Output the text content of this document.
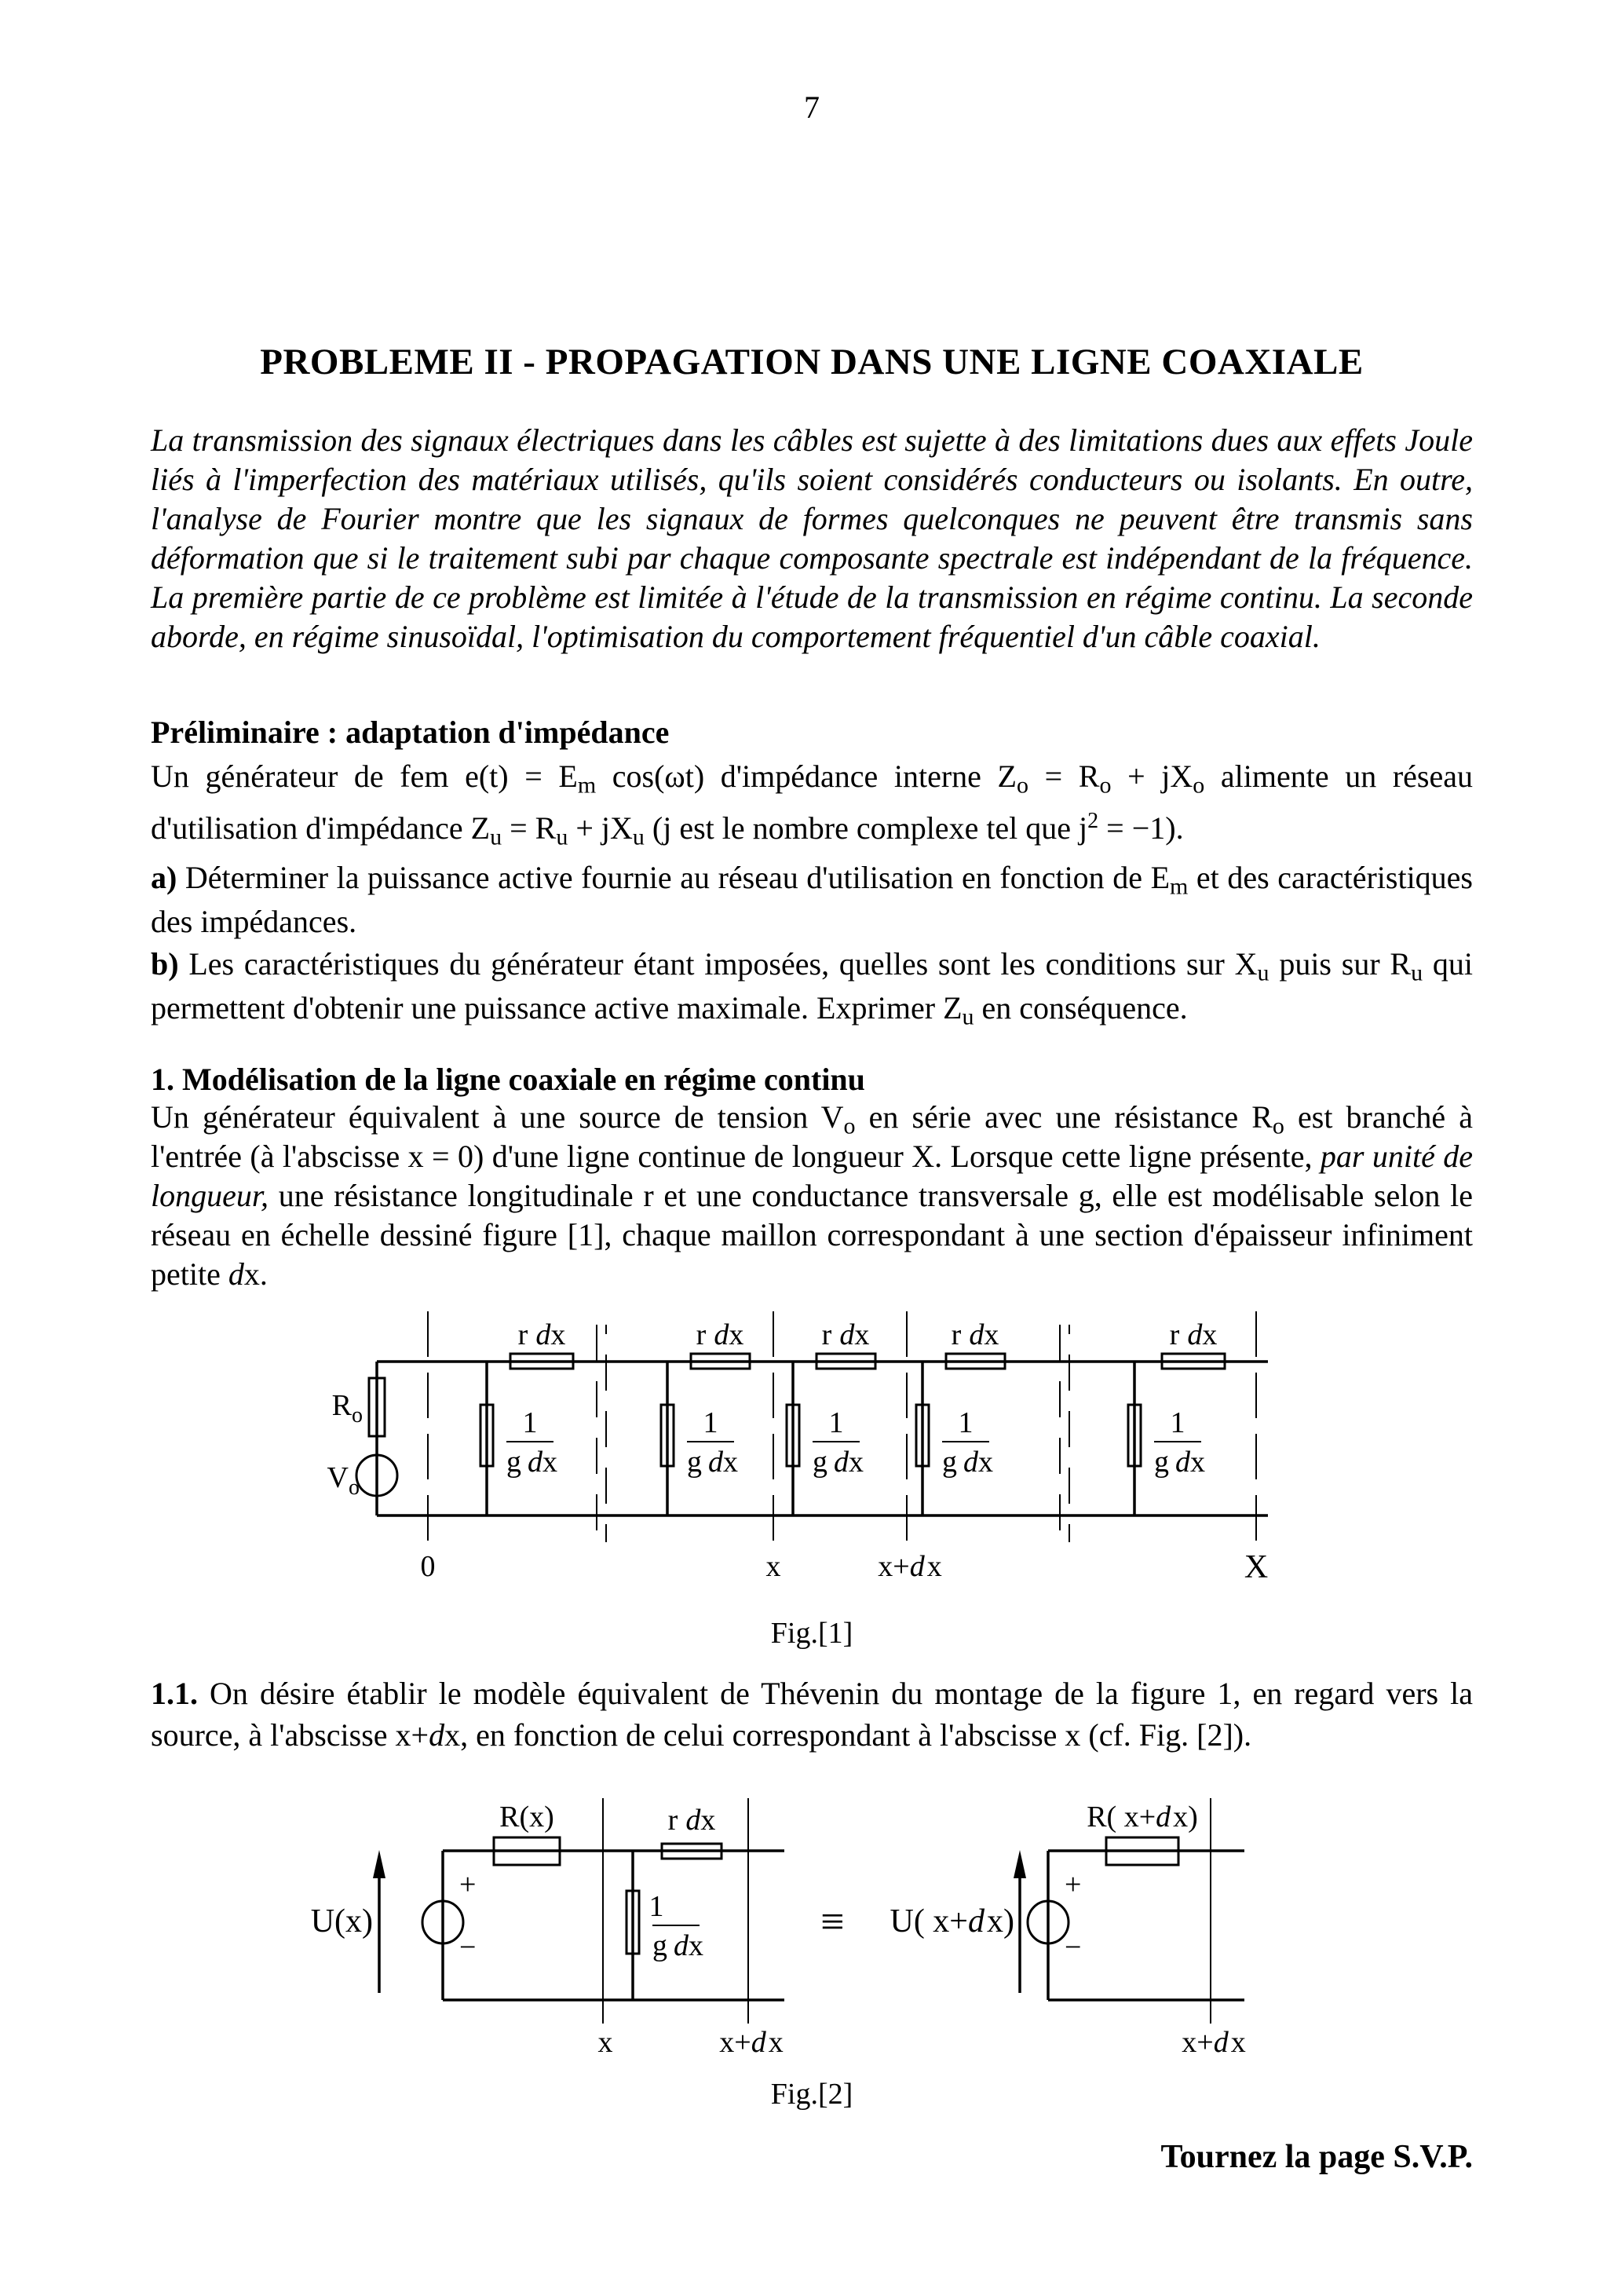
7
PROBLEME II - PROPAGATION DANS UNE LIGNE COAXIALE
La transmission des signaux électriques dans les câbles est sujette à des limitations dues aux effets Joule liés à l'imperfection des matériaux utilisés, qu'ils soient considérés conducteurs ou isolants. En outre, l'analyse de Fourier montre que les signaux de formes quelconques ne peuvent être transmis sans déformation que si le traitement subi par chaque composante spectrale est indépendant de la fréquence. La première partie de ce problème est limitée à l'étude de la transmission en régime continu. La seconde aborde, en régime sinusoïdal, l'optimisation du comportement fréquentiel d'un câble coaxial.
Préliminaire : adaptation d'impédance
Un générateur de fem $e(t) = E_m$ cos(ωt) d'impédance interne $Z_o = R_o + jX_o$ alimente un réseau d'utilisation d'impédance $Z_u = R_u + jX_u$ (j est le nombre complexe tel que $j^2 = -1$).
a) Déterminer la puissance active fournie au réseau d'utilisation en fonction de $E_m$ et des caractéristiques des impédances.
b) Les caractéristiques du générateur étant imposées, quelles sont les conditions sur $X_u$ puis sur $R_u$ qui permettent d'obtenir une puissance active maximale. Exprimer $Z_u$ en conséquence.
1. Modélisation de la ligne coaxiale en régime continu
Un générateur équivalent à une source de tension $V_o$ en série avec une résistance $R_o$ est branché à l'entrée (à l'abscisse x = 0) d'une ligne continue de longueur X. Lorsque cette ligne présente, par unité de longueur, une résistance longitudinale r et une conductance transversale g, elle est modélisable selon le réseau en échelle dessiné figure [1], chaque maillon correspondant à une section d'épaisseur infiniment petite dx.
$R_o$
$V_o$
r dx
1
g dx
r dx
1
g dx
r dx
1
g dx
r dx
1
g dx
r dx
1
g dx
0	x	x+dx	X
Fig.[1]
1.1. On désire établir le modèle équivalent de Thévenin du montage de la figure 1, en regard vers la source, à l'abscisse x+dx, en fonction de celui correspondant à l'abscisse x (cf. Fig. [2]).
U(x)
+
−
R(x)
1
g dx
r dx
x	x+dx
≡ U( x+dx)
+
−
R( x+dx)
x+dx
Fig.[2]
Tournez la page S.V.P.
